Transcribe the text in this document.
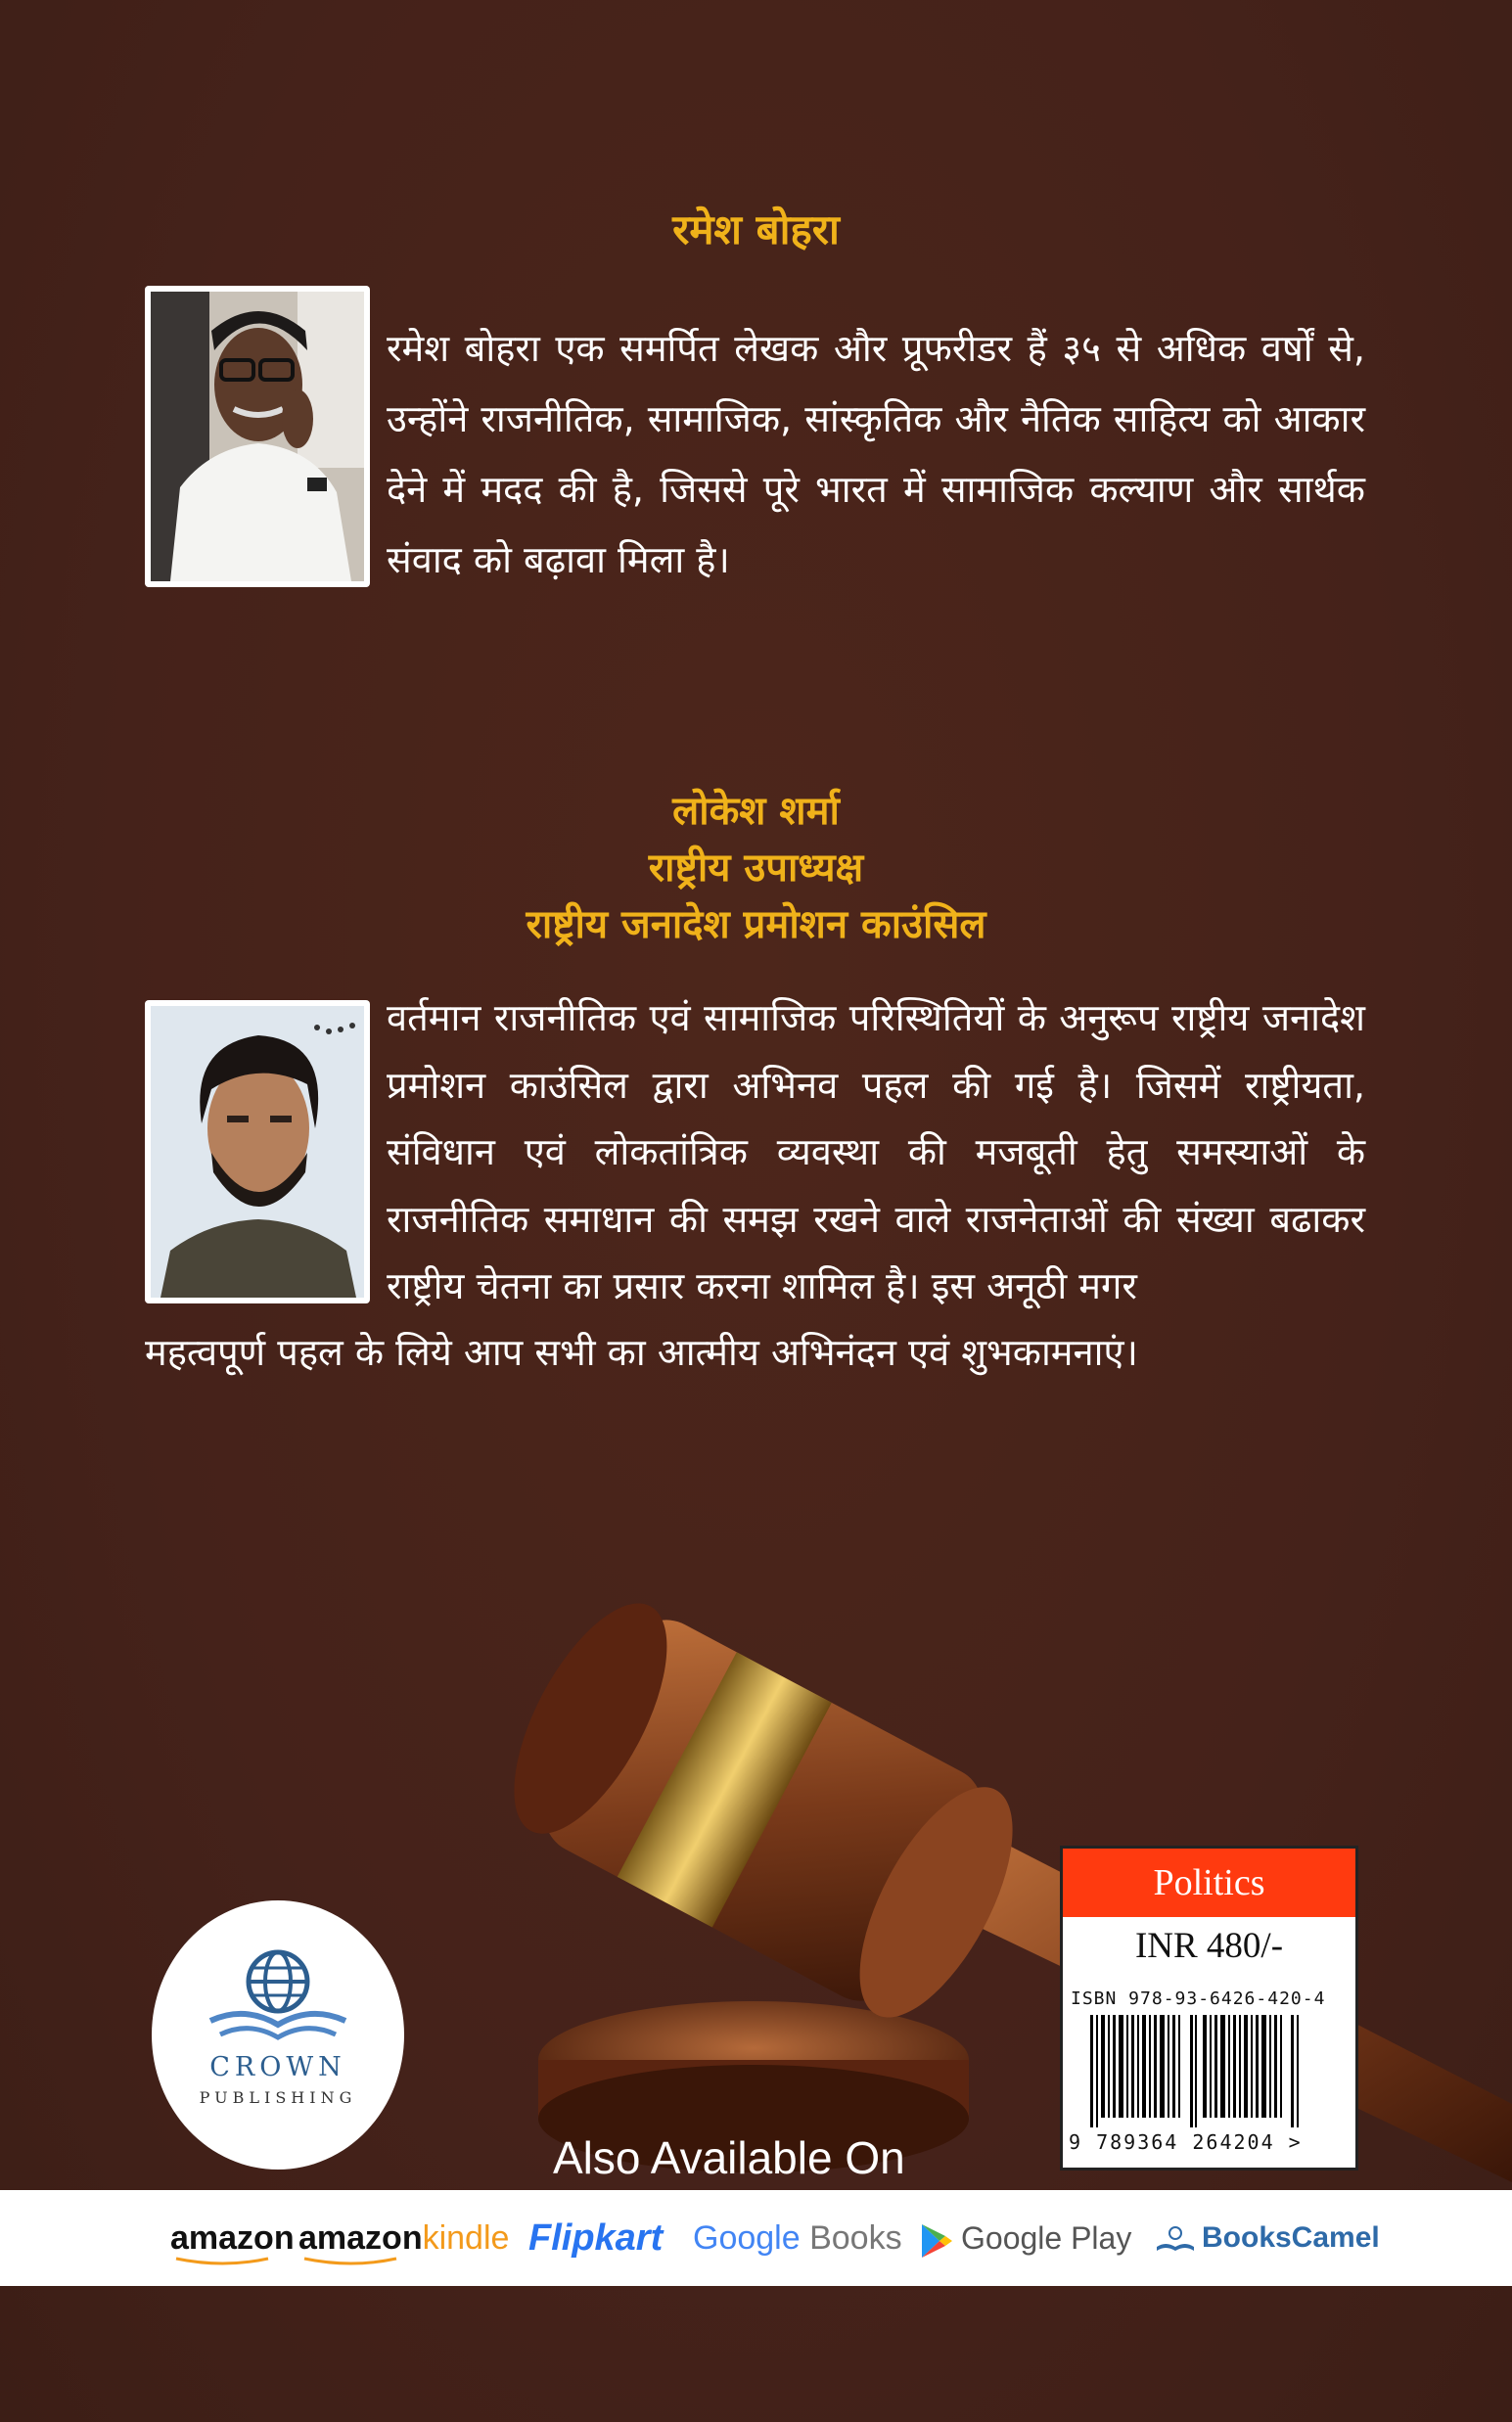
रमेश बोहरा
रमेश बोहरा एक समर्पित लेखक और प्रूफरीडर हैं ३५ से अधिक वर्षों से, उन्होंने राजनीतिक, सामाजिक, सांस्कृतिक और नैतिक साहित्य को आकार देने में मदद की है, जिससे पूरे भारत में सामाजिक कल्याण और सार्थक संवाद को बढ़ावा मिला है।
लोकेश शर्मा
राष्ट्रीय उपाध्यक्ष
राष्ट्रीय जनादेश प्रमोशन काउंसिल
वर्तमान राजनीतिक एवं सामाजिक परिस्थितियों के अनुरूप राष्ट्रीय जनादेश प्रमोशन काउंसिल द्वारा अभिनव पहल की गई है। जिसमें राष्ट्रीयता, संविधान एवं लोकतांत्रिक व्यवस्था की मजबूती हेतु समस्याओं के राजनीतिक समाधान की समझ रखने वाले राजनेताओं की संख्या बढाकर राष्ट्रीय चेतना का प्रसार करना शामिल है। इस अनूठी मगर
महत्वपूर्ण पहल के लिये आप सभी का आत्मीय अभिनंदन एवं शुभकामनाएं।
CROWN
PUBLISHING
Politics
INR 480/-
ISBN 978-93-6426-420-4
9 789364 264204 >
Also Available On
amazon amazonkindle Flipkart Google Books	Google Play	BooksCamel
